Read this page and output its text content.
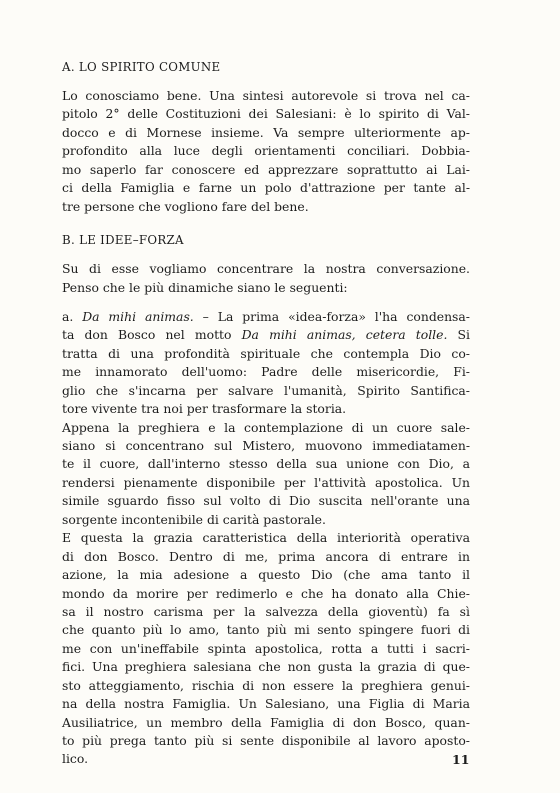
A. LO SPIRITO COMUNE
Lo conosciamo bene. Una sintesi autorevole si trova nel ca-
pitolo 2° delle Costituzioni dei Salesiani: è lo spirito di Val-
docco e di Mornese insieme. Va sempre ulteriormente ap-
profondito alla luce degli orientamenti conciliari. Dobbia-
mo saperlo far conoscere ed apprezzare soprattutto ai Lai-
ci della Famiglia e farne un polo d'attrazione per tante al-
tre persone che vogliono fare del bene.
B. LE IDEE–FORZA
Su di esse vogliamo concentrare la nostra conversazione.
Penso che le più dinamiche siano le seguenti:
a. Da mihi animas. – La prima «idea-forza» l'ha condensa-
ta don Bosco nel motto Da mihi animas, cetera tolle. Si
tratta di una profondità spirituale che contempla Dio co-
me innamorato dell'uomo: Padre delle misericordie, Fi-
glio che s'incarna per salvare l'umanità, Spirito Santifica-
tore vivente tra noi per trasformare la storia.
Appena la preghiera e la contemplazione di un cuore sale-
siano si concentrano sul Mistero, muovono immediatamen-
te il cuore, dall'interno stesso della sua unione con Dio, a
rendersi pienamente disponibile per l'attività apostolica. Un
simile sguardo fisso sul volto di Dio suscita nell'orante una
sorgente incontenibile di carità pastorale.
E questa la grazia caratteristica della interiorità operativa
di don Bosco. Dentro di me, prima ancora di entrare in
azione, la mia adesione a questo Dio (che ama tanto il
mondo da morire per redimerlo e che ha donato alla Chie-
sa il nostro carisma per la salvezza della gioventù) fa sì
che quanto più lo amo, tanto più mi sento spingere fuori di
me con un'ineffabile spinta apostolica, rotta a tutti i sacri-
fici. Una preghiera salesiana che non gusta la grazia di que-
sto atteggiamento, rischia di non essere la preghiera genui-
na della nostra Famiglia. Un Salesiano, una Figlia di Maria
Ausiliatrice, un membro della Famiglia di don Bosco, quan-
to più prega tanto più si sente disponibile al lavoro aposto-
lico.	11
